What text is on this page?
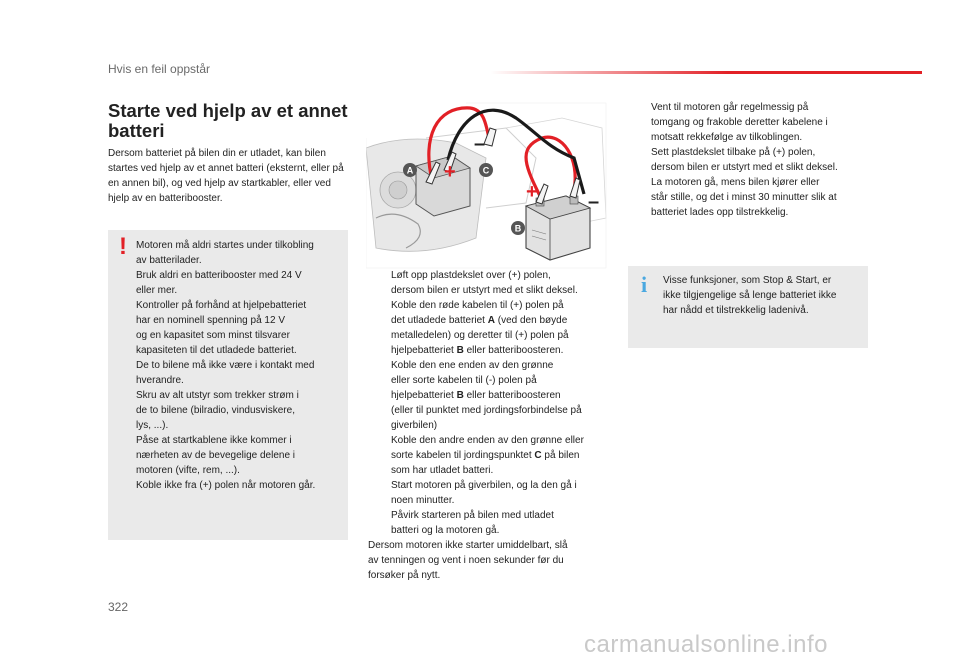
Hvis en feil oppstår
Starte ved hjelp av et annet batteri

Dersom batteriet på bilen din er utladet, kan bilen startes ved hjelp av et annet batteri (eksternt, eller på en annen bil), og ved hjelp av startkabler, eller ved hjelp av en batteribooster.

! Motoren må aldri startes under tilkobling
av batterilader.
Bruk aldri en batteribooster med 24 V
eller mer.
Kontroller på forhånd at hjelpebatteriet
har en nominell spenning på 12 V
og en kapasitet som minst tilsvarer
kapasiteten til det utladede batteriet.
De to bilene må ikke være i kontakt med
hverandre.
Skru av alt utstyr som trekker strøm i
de to bilene (bilradio, vindusviskere,
lys, ...).
Påse at startkablene ikke kommer i
nærheten av de bevegelige delene i
motoren (vifte, rem, ...).
Koble ikke fra (+) polen når motoren går.
+
–
+	–
A
B
C
Løft opp plastdekslet over (+) polen,
dersom bilen er utstyrt med et slikt deksel.
Koble den røde kabelen til (+) polen på
det utladede batteriet A (ved den bøyde
metalledelen) og deretter til (+) polen på
hjelpebatteriet B eller batteriboosteren.
Koble den ene enden av den grønne
eller sorte kabelen til (-) polen på
hjelpebatteriet B eller batteriboosteren
(eller til punktet med jordingsforbindelse på
giverbilen)
Koble den andre enden av den grønne eller
sorte kabelen til jordingspunktet C på bilen
som har utladet batteri.
Start motoren på giverbilen, og la den gå i
noen minutter.
Påvirk starteren på bilen med utladet
batteri og la motoren gå.

Dersom motoren ikke starter umiddelbart, slå
av tenningen og vent i noen sekunder før du
forsøker på nytt.

Vent til motoren går regelmessig på
tomgang og frakoble deretter kabelene i
motsatt rekkefølge av tilkoblingen.
Sett plastdekslet tilbake på (+) polen,
dersom bilen er utstyrt med et slikt deksel.
La motoren gå, mens bilen kjører eller
står stille, og det i minst 30 minutter slik at
batteriet lades opp tilstrekkelig.
i Visse funksjoner, som Stop & Start, er
ikke tilgjengelige så lenge batteriet ikke
har nådd et tilstrekkelig ladenivå.
322
carmanualsonline.info
